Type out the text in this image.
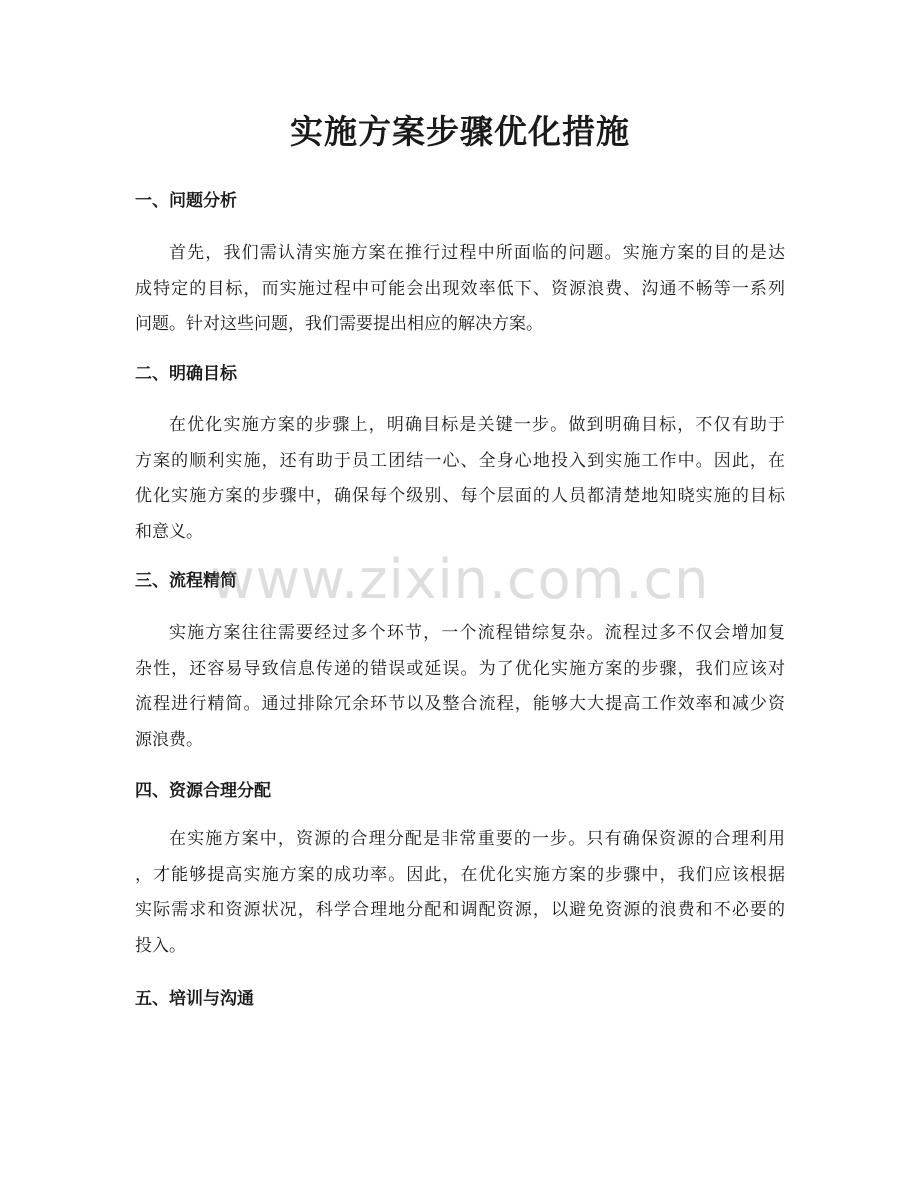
实施方案步骤优化措施
一、问题分析

首先，我们需认清实施方案在推行过程中所面临的问题。实施方案的目的是达
成特定的目标，而实施过程中可能会出现效率低下、资源浪费、沟通不畅等一系列
问题。针对这些问题，我们需要提出相应的解决方案。

二、明确目标

在优化实施方案的步骤上，明确目标是关键一步。做到明确目标，不仅有助于
方案的顺利实施，还有助于员工团结一心、全身心地投入到实施工作中。因此，在
优化实施方案的步骤中，确保每个级别、每个层面的人员都清楚地知晓实施的目标
和意义。

三、流程精简

实施方案往往需要经过多个环节，一个流程错综复杂。流程过多不仅会增加复
杂性，还容易导致信息传递的错误或延误。为了优化实施方案的步骤，我们应该对
流程进行精简。通过排除冗余环节以及整合流程，能够大大提高工作效率和减少资
源浪费。

四、资源合理分配

在实施方案中，资源的合理分配是非常重要的一步。只有确保资源的合理利用
，才能够提高实施方案的成功率。因此，在优化实施方案的步骤中，我们应该根据
实际需求和资源状况，科学合理地分配和调配资源，以避免资源的浪费和不必要的
投入。

五、培训与沟通
www.zixin.com.cn
